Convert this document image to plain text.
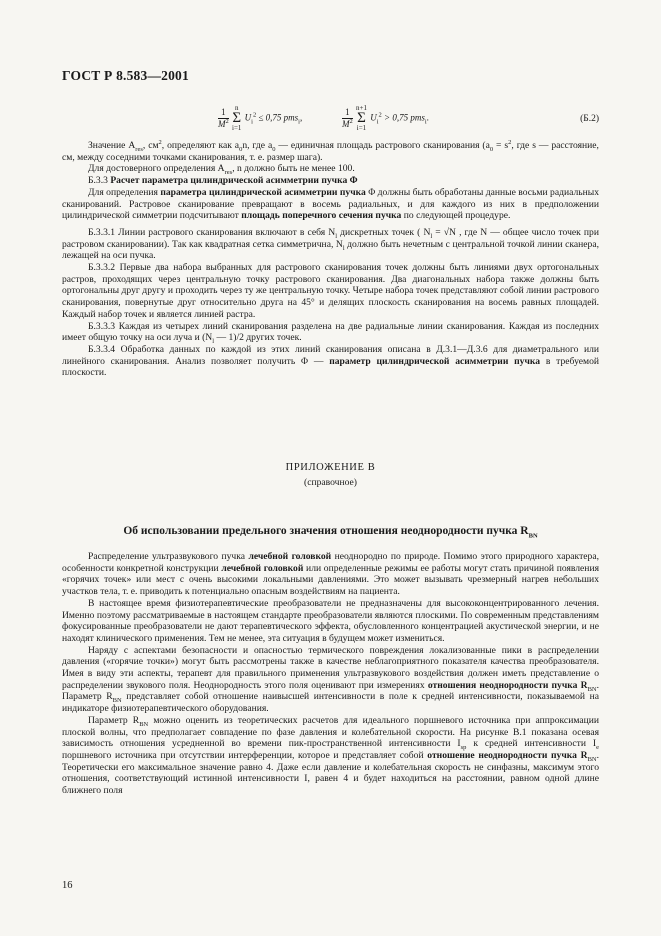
ГОСТ Р 8.583—2001
$\frac{1}{M^2}$ n
Σ
i=1 $U_i^2 \le 0,75$ pms$_i$,	$\frac{1}{M^2} n+1$
Σ
i=1 $U_i^2 > 0,75$ pms$_i$.	(Б.2)

Значение $A_{res}$, $см^2$, определяют как $a_0n$, где $a_0$ — единичная площадь растрового сканирования ($a_0 = s^2$, где s — расстояние, см, между соседними точками сканирования, т. е. размер шага).

Для достоверного определения $A_{res}$, n должно быть не менее 100.

Б.3.3 Расчет параметра цилиндрической асимметрии пучка Φ

Для определения параметра цилиндрической асимметрии пучка Φ должны быть обработаны данные восьми радиальных сканирований. Растровое сканирование превращают в восемь радиальных, и для каждого из них в предположении цилиндрической симметрии подсчитывают площадь поперечного сечения пучка по следующей процедуре.

Б.3.3.1 Линии растрового сканирования включают в себя $N_l$ дискретных точек ( $N_l = √N$ , где N — общее число точек при растровом сканировании). Так как квадратная сетка симметрична, $N_l$ должно быть нечетным с центральной точкой линии сканера, лежащей на оси пучка.

Б.3.3.2 Первые два набора выбранных для растрового сканирования точек должны быть линиями двух ортогональных растров, проходящих через центральную точку растрового сканирования. Два диагональных набора также должны быть ортогональны друг другу и проходить через ту же центральную точку. Четыре набора точек представляют собой линии растрового сканирования, повернутые друг относительно друга на 45° и делящих плоскость сканирования на восемь равных площадей. Каждый набор точек и является линией растра.

Б.3.3.3 Каждая из четырех линий сканирования разделена на две радиальные линии сканирования. Каждая из последних имеет общую точку на оси луча и ($N_l$ — 1)/2 других точек.

Б.3.3.4 Обработка данных по каждой из этих линий сканирования описана в Д.3.1—Д.3.6 для диаметрального или линейного сканирования. Анализ позволяет получить Φ — параметр цилиндрической асимметрии пучка в требуемой плоскости.

ПРИЛОЖЕНИЕ В
(справочное)
Об использовании предельного значения отношения неоднородности пучка $R_{BN}$

Распределение ультразвукового пучка лечебной головкой неоднородно по природе. Помимо этого природного характера, особенности конкретной конструкции лечебной головкой или определенные режимы ее работы могут стать причиной появления «горячих точек» или мест с очень высокими локальными давлениями. Это может вызывать чрезмерный нагрев небольших участков тела, т. е. приводить к потенциально опасным воздействиям на пациента.

В настоящее время физиотерапевтические преобразователи не предназначены для высококонцентрированного лечения. Именно поэтому рассматриваемые в настоящем стандарте преобразователи являются плоскими. По современным представлениям фокусированные преобразователи не дают терапевтического эффекта, обусловленного концентрацией акустической энергии, и не находят клинического применения. Тем не менее, эта ситуация в будущем может измениться.

Наряду с аспектами безопасности и опасностью термического повреждения локализованные пики в распределении давления («горячие точки») могут быть рассмотрены также в качестве неблагоприятного показателя качества преобразователя. Имея в виду эти аспекты, терапевт для правильного применения ультразвукового воздействия должен иметь представление о распределении звукового поля. Неоднородность этого поля оценивают при измерениях отношения неоднородности пучка $R_{BN}$. Параметр $R_{BN}$ представляет собой отношение наивысшей интенсивности в поле к средней интенсивности, показываемой на индикаторе физиотерапевтического оборудования.

Параметр $R_{BN}$ можно оценить из теоретических расчетов для идеального поршневого источника при аппроксимации плоской волны, что предполагает совпадение по фазе давления и колебательной скорости. На рисунке В.1 показана осевая зависимость отношения усредненной во времени пик-пространственной интенсивности $I_{sp}$ к средней интенсивности $I_e$ поршневого источника при отсутствии интерференции, которое и представляет собой отношение неоднородности пучка $R_{BN}$. Теоретически его максимальное значение равно 4. Даже если давление и колебательная скорость не синфазны, максимум этого отношения, соответствующий истинной интенсивности I, равен 4 и будет находиться на расстоянии, равном одной длине ближнего поля

16
